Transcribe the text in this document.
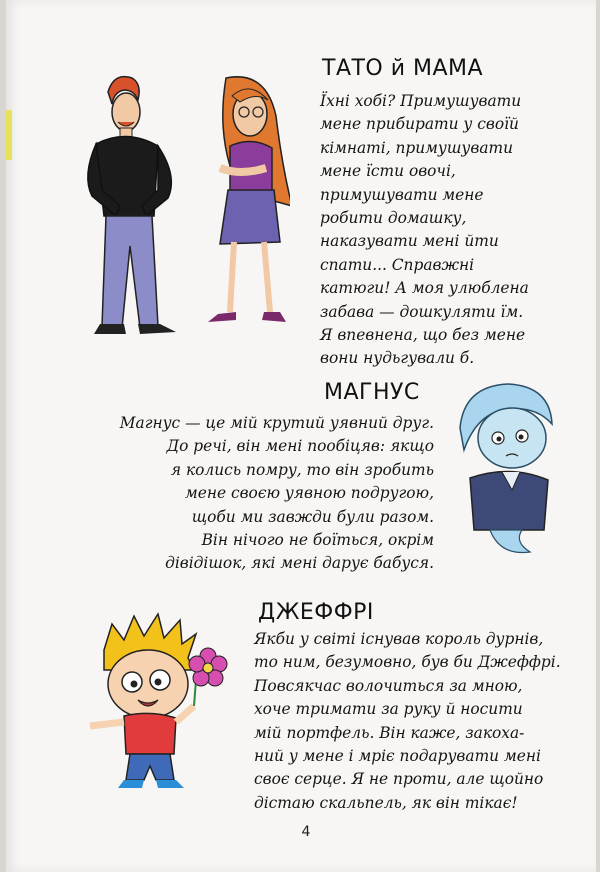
ТАТО й МАМА
Їхні хобі? Примушувати
мене прибирати у своїй
кімнаті, примушувати
мене їсти овочі,
примушувати мене
робити домашку,
наказувати мені йти
спати... Справжні
катюги! А моя улюблена
забава — дошкуляти їм.
Я впевнена, що без мене
вони нудьгували б.
МАГНУС
Магнус — це мій крутий уявний друг.
До речі, він мені пообіцяв: якщо
я колись помру, то він зробить
мене своєю уявною подругою,
щоби ми завжди були разом.
Він нічого не боїться, окрім
дівідішок, які мені дарує бабуся.
ДЖЕФФРІ
Якби у світі існував король дурнів,
то ним, безумовно, був би Джеффрі.
Повсякчас волочиться за мною,
хоче тримати за руку й носити
мій портфель. Він каже, закоха-
ний у мене і мріє подарувати мені
своє серце. Я не проти, але щойно
дістаю скальпель, як він тікає!
4
